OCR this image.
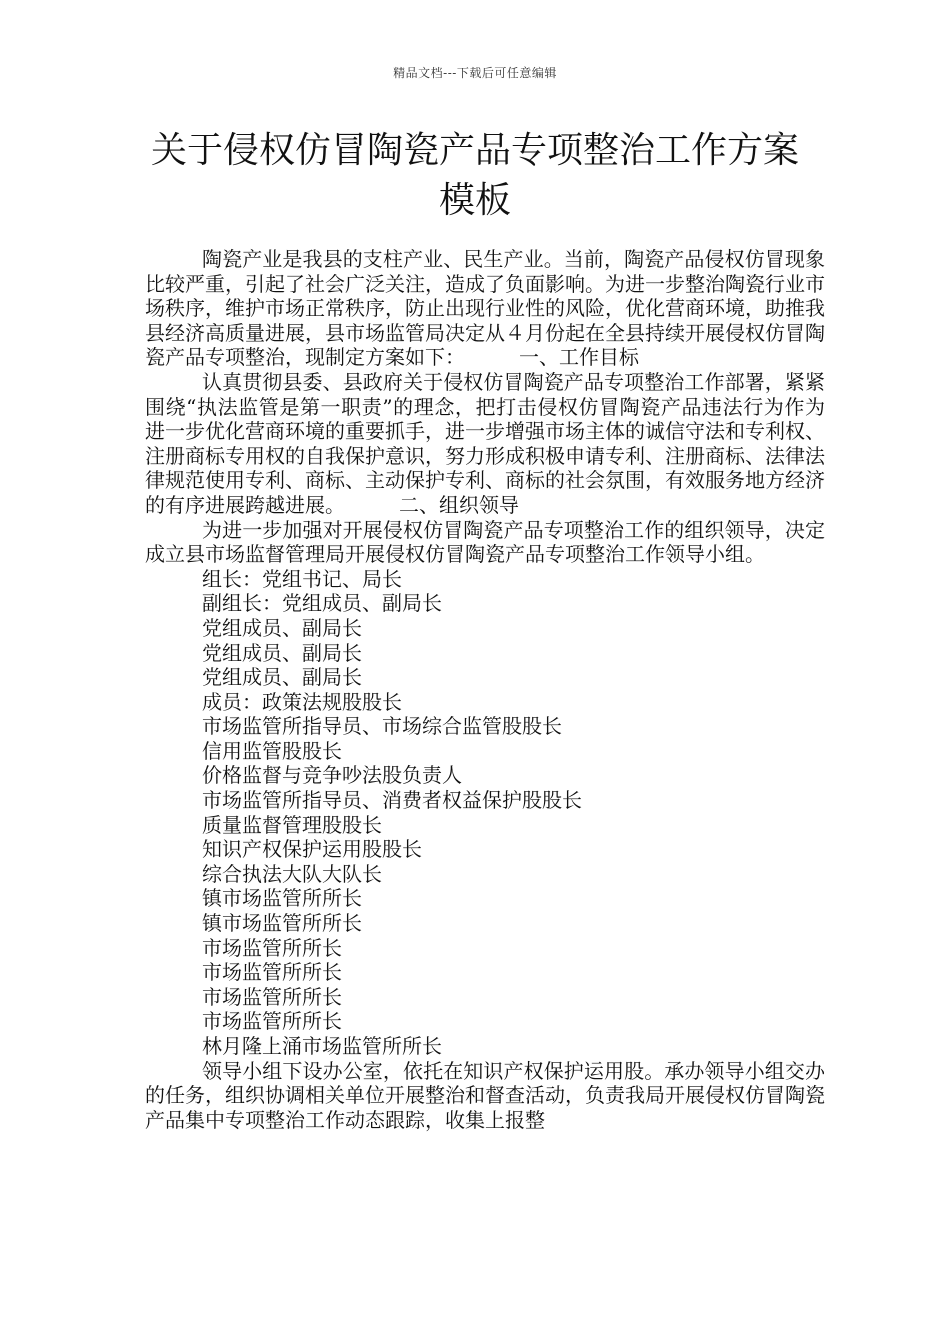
精品文档---下载后可任意编辑
关于侵权仿冒陶瓷产品专项整治工作方案
模板

陶瓷产业是我县的支柱产业、民生产业。当前，陶瓷产品侵权仿冒现象比较严重，引起了社会广泛关注，造成了负面影响。为进一步整治陶瓷行业市场秩序，维护市场正常秩序，防止出现行业性的风险，优化营商环境，助推我县经济高质量进展，县市场监管局决定从４月份起在全县持续开展侵权仿冒陶瓷产品专项整治，现制定方案如下：	一、工作目标

认真贯彻县委、县政府关于侵权仿冒陶瓷产品专项整治工作部署，紧紧围绕“执法监管是第一职责”的理念，把打击侵权仿冒陶瓷产品违法行为作为进一步优化营商环境的重要抓手，进一步增强市场主体的诚信守法和专利权、注册商标专用权的自我保护意识，努力形成积极申请专利、注册商标、法律法律规范使用专利、商标、主动保护专利、商标的社会氛围，有效服务地方经济的有序进展跨越进展。	二、组织领导

为进一步加强对开展侵权仿冒陶瓷产品专项整治工作的组织领导，决定成立县市场监督管理局开展侵权仿冒陶瓷产品专项整治工作领导小组。

组长：党组书记、局长
副组长：党组成员、副局长
党组成员、副局长
党组成员、副局长
党组成员、副局长
成员：政策法规股股长
市场监管所指导员、市场综合监管股股长
信用监管股股长
价格监督与竞争吵法股负责人
市场监管所指导员、消费者权益保护股股长
质量监督管理股股长
知识产权保护运用股股长
综合执法大队大队长
镇市场监管所所长
镇市场监管所所长
市场监管所所长
市场监管所所长
市场监管所所长
市场监管所所长
林月隆上涌市场监管所所长

领导小组下设办公室，依托在知识产权保护运用股。承办领导小组交办的任务，组织协调相关单位开展整治和督查活动，负责我局开展侵权仿冒陶瓷产品集中专项整治工作动态跟踪，收集上报整
